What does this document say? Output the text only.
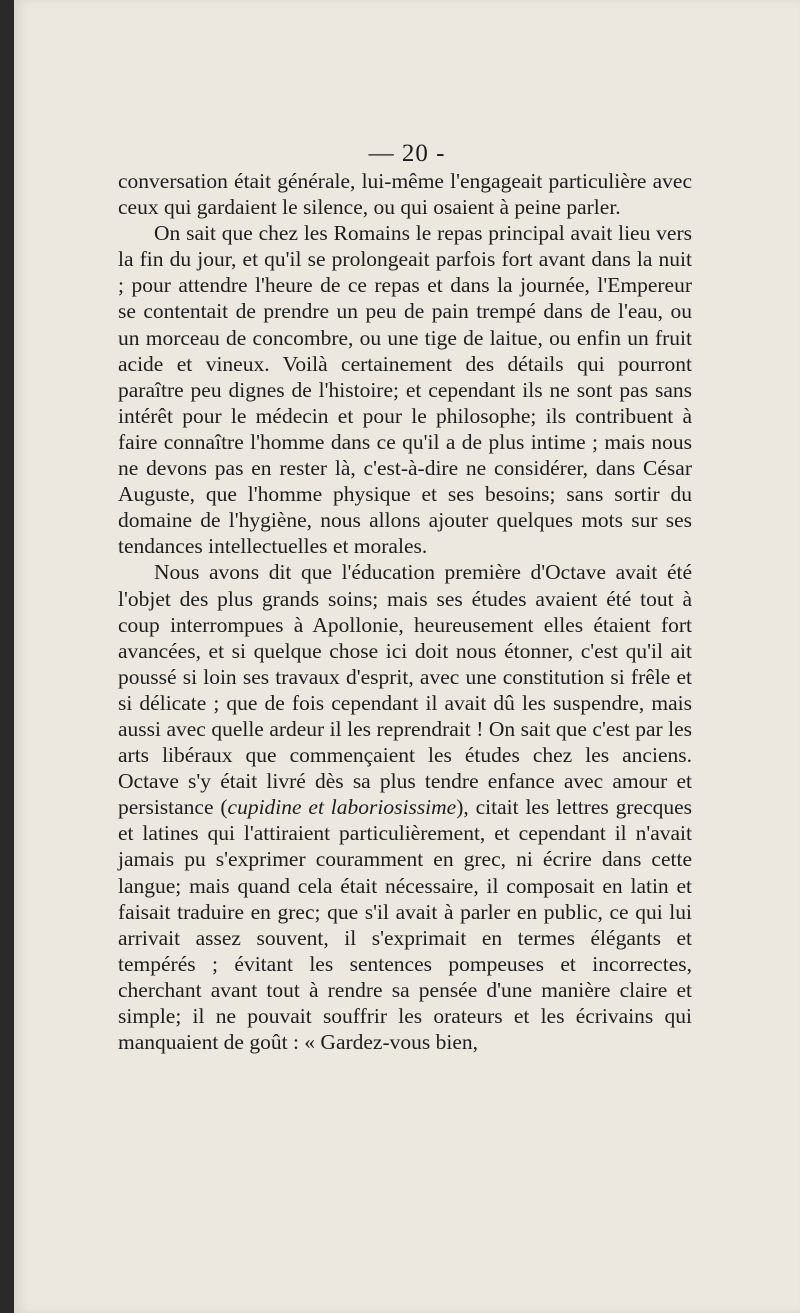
— 20 -

conversation était générale, lui-même l'engageait particulière avec ceux qui gardaient le silence, ou qui osaient à peine parler.

On sait que chez les Romains le repas principal avait lieu vers la fin du jour, et qu'il se prolongeait parfois fort avant dans la nuit ; pour attendre l'heure de ce repas et dans la journée, l'Empereur se contentait de prendre un peu de pain trempé dans de l'eau, ou un morceau de concombre, ou une tige de laitue, ou enfin un fruit acide et vineux. Voilà certainement des détails qui pourront paraître peu dignes de l'histoire; et cependant ils ne sont pas sans intérêt pour le médecin et pour le philosophe; ils contribuent à faire connaître l'homme dans ce qu'il a de plus intime ; mais nous ne devons pas en rester là, c'est-à-dire ne considérer, dans César Auguste, que l'homme physique et ses besoins; sans sortir du domaine de l'hygiène, nous allons ajouter quelques mots sur ses tendances intellectuelles et morales.

Nous avons dit que l'éducation première d'Octave avait été l'objet des plus grands soins; mais ses études avaient été tout à coup interrompues à Apollonie, heureusement elles étaient fort avancées, et si quelque chose ici doit nous étonner, c'est qu'il ait poussé si loin ses travaux d'esprit, avec une constitution si frêle et si délicate ; que de fois cependant il avait dû les suspendre, mais aussi avec quelle ardeur il les reprendrait ! On sait que c'est par les arts libéraux que commençaient les études chez les anciens. Octave s'y était livré dès sa plus tendre enfance avec amour et persistance (cupidine et laboriosissime), citait les lettres grecques et latines qui l'attiraient particulièrement, et cependant il n'avait jamais pu s'exprimer couramment en grec, ni écrire dans cette langue; mais quand cela était nécessaire, il composait en latin et faisait traduire en grec; que s'il avait à parler en public, ce qui lui arrivait assez souvent, il s'exprimait en termes élégants et tempérés ; évitant les sentences pompeuses et incorrectes, cherchant avant tout à rendre sa pensée d'une manière claire et simple; il ne pouvait souffrir les orateurs et les écrivains qui manquaient de goût : « Gardez-vous bien,
